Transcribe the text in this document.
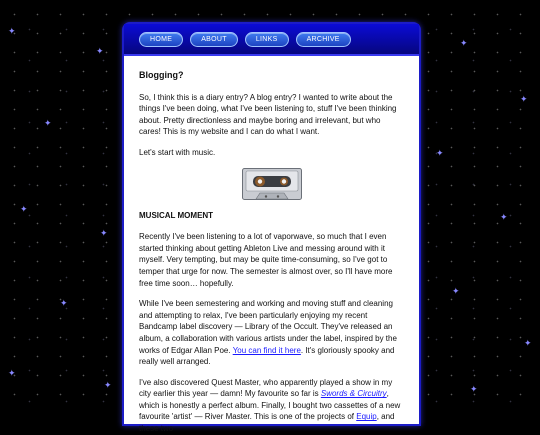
✦
✦
✦
✦
✦
✦
✦
✦
✦
✦
✦
✦
✦
✦
✦
HOME	ABOUT	LINKS	ARCHIVE
Blogging?

So, I think this is a diary entry? A blog entry? I wanted to write about the things I've been doing, what I've been listening to, stuff I've been thinking about. Pretty directionless and maybe boring and irrelevant, but who cares! This is my website and I can do what I want.

Let's start with music.

MUSICAL MOMENT

Recently I've been listening to a lot of vaporwave, so much that I even started thinking about getting Ableton Live and messing around with it myself. Very tempting, but may be quite time-consuming, so I've got to temper that urge for now. The semester is almost over, so I'll have more free time soon… hopefully.

While I've been semestering and working and moving stuff and cleaning and attempting to relax, I've been particularly enjoying my recent Bandcamp label discovery — Library of the Occult. They've released an album, a collaboration with various artists under the label, inspired by the works of Edgar Allan Poe. You can find it here. It's gloriously spooky and really well arranged.

I've also discovered Quest Master, who apparently played a show in my city earlier this year — damn! My favourite so far is Swords & Circuitry, which is honestly a perfect album. Finally, I bought two cassettes of a new favourite 'artist' — River Master. This is one of the projects of Equip, and these two
